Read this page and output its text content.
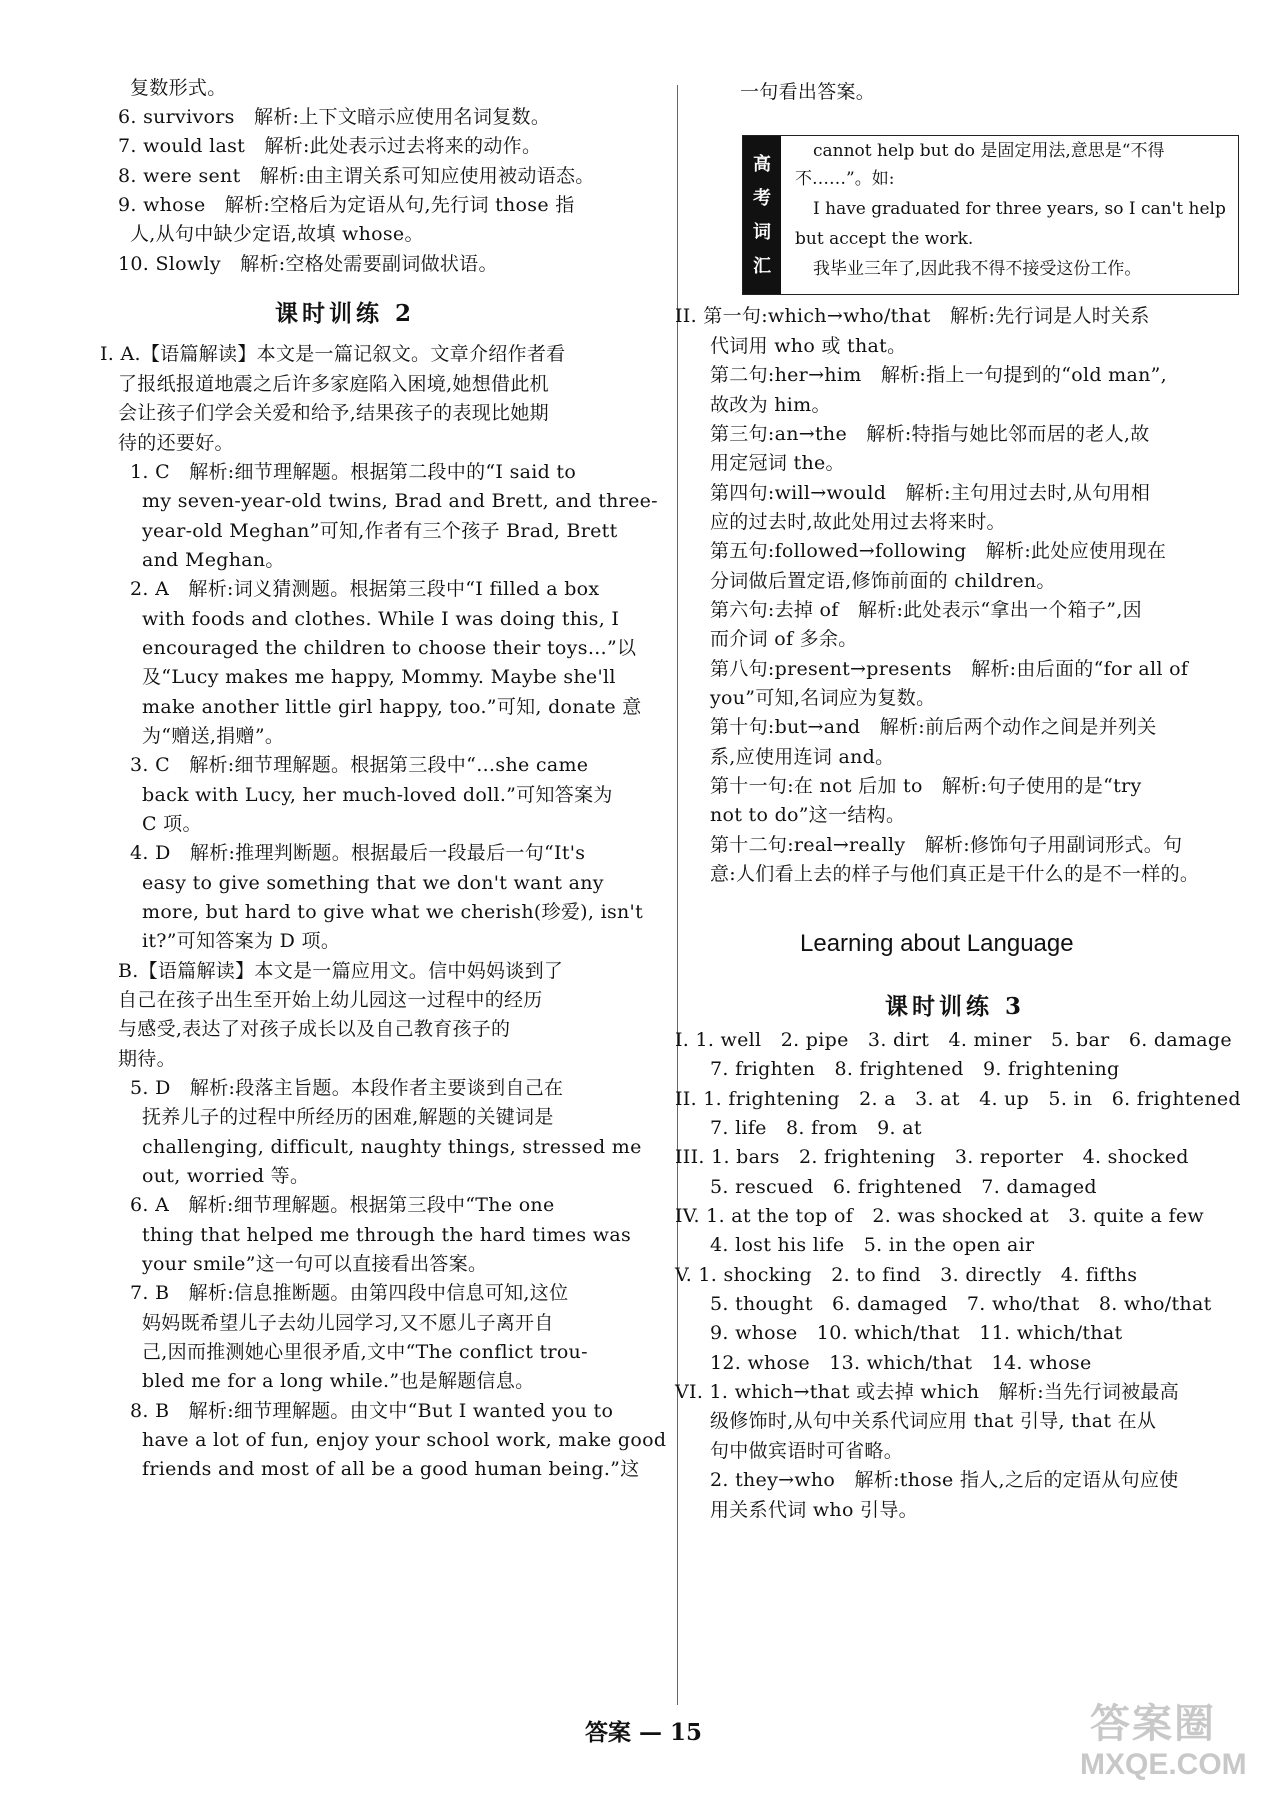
复数形式。
6. survivors　解析:上下文暗示应使用名词复数。
7. would last　解析:此处表示过去将来的动作。
8. were sent　解析:由主谓关系可知应使用被动语态。
9. whose　解析:空格后为定语从句,先行词 those 指
人,从句中缺少定语,故填 whose。
10. Slowly　解析:空格处需要副词做状语。
课时训练 2
I. A.【语篇解读】本文是一篇记叙文。文章介绍作者看
了报纸报道地震之后许多家庭陷入困境,她想借此机
会让孩子们学会关爱和给予,结果孩子的表现比她期
待的还要好。
1. C　解析:细节理解题。根据第二段中的“I said to
my seven-year-old twins, Brad and Brett, and three-
year-old Meghan”可知,作者有三个孩子 Brad, Brett
and Meghan。
2. A　解析:词义猜测题。根据第三段中“I filled a box
with foods and clothes. While I was doing this, I
encouraged the children to choose their toys…”以
及“Lucy makes me happy, Mommy. Maybe she'll
make another little girl happy, too.”可知, donate 意
为“赠送,捐赠”。
3. C　解析:细节理解题。根据第三段中“…she came
back with Lucy, her much-loved doll.”可知答案为
C 项。
4. D　解析:推理判断题。根据最后一段最后一句“It's
easy to give something that we don't want any
more, but hard to give what we cherish(珍爱), isn't
it?”可知答案为 D 项。
B.【语篇解读】本文是一篇应用文。信中妈妈谈到了
自己在孩子出生至开始上幼儿园这一过程中的经历
与感受,表达了对孩子成长以及自己教育孩子的
期待。
5. D　解析:段落主旨题。本段作者主要谈到自己在
抚养儿子的过程中所经历的困难,解题的关键词是
challenging, difficult, naughty things, stressed me
out, worried 等。
6. A　解析:细节理解题。根据第三段中“The one
thing that helped me through the hard times was
your smile”这一句可以直接看出答案。
7. B　解析:信息推断题。由第四段中信息可知,这位
妈妈既希望儿子去幼儿园学习,又不愿儿子离开自
己,因而推测她心里很矛盾,文中“The conflict trou-
bled me for a long while.”也是解题信息。
8. B　解析:细节理解题。由文中“But I wanted you to
have a lot of fun, enjoy your school work, make good
friends and most of all be a good human being.”这
高
考
词
汇
cannot help but do 是固定用法,意思是“不得
不……”。如:
I have graduated for three years, so I can't help
but accept the work.
我毕业三年了,因此我不得不接受这份工作。
一句看出答案。
II. 第一句:which→who/that　解析:先行词是人时关系
代词用 who 或 that。
第二句:her→him　解析:指上一句提到的“old man”,
故改为 him。
第三句:an→the　解析:特指与她比邻而居的老人,故
用定冠词 the。
第四句:will→would　解析:主句用过去时,从句用相
应的过去时,故此处用过去将来时。
第五句:followed→following　解析:此处应使用现在
分词做后置定语,修饰前面的 children。
第六句:去掉 of　解析:此处表示“拿出一个箱子”,因
而介词 of 多余。
第八句:present→presents　解析:由后面的“for all of
you”可知,名词应为复数。
第十句:but→and　解析:前后两个动作之间是并列关
系,应使用连词 and。
第十一句:在 not 后加 to　解析:句子使用的是“try
not to do”这一结构。
第十二句:real→really　解析:修饰句子用副词形式。句
意:人们看上去的样子与他们真正是干什么的是不一样的。
Learning about Language
课时训练 3
I. 1. well　2. pipe　3. dirt　4. miner　5. bar　6. damage
7. frighten　8. frightened　9. frightening
II. 1. frightening　2. a　3. at　4. up　5. in　6. frightened
7. life　8. from　9. at
III. 1. bars　2. frightening　3. reporter　4. shocked
5. rescued　6. frightened　7. damaged
IV. 1. at the top of　2. was shocked at　3. quite a few
4. lost his life　5. in the open air
V. 1. shocking　2. to find　3. directly　4. fifths
5. thought　6. damaged　7. who/that　8. who/that
9. whose　10. which/that　11. which/that
12. whose　13. which/that　14. whose
VI. 1. which→that 或去掉 which　解析:当先行词被最高
级修饰时,从句中关系代词应用 that 引导, that 在从
句中做宾语时可省略。
2. they→who　解析:those 指人,之后的定语从句应使
用关系代词 who 引导。
答案 — 15	答案圈
MXQE.COM
